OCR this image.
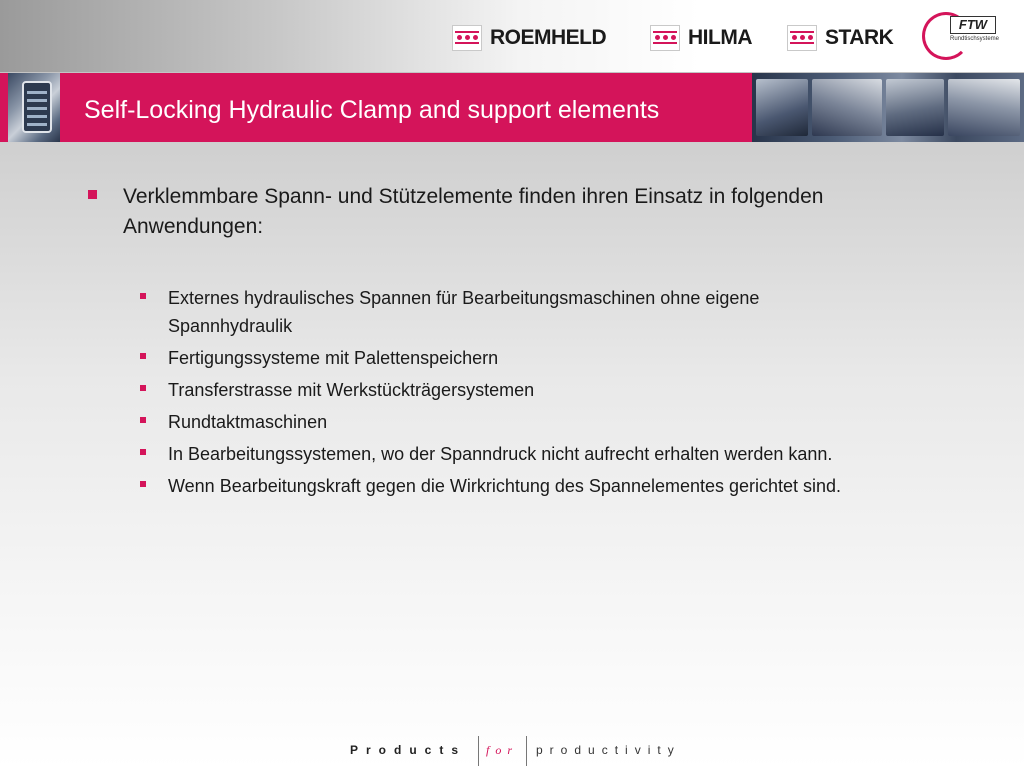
ROEMHELD	HILMA	STARK
FTW
Rundtischsysteme
Self-Locking Hydraulic Clamp and support elements
Verklemmbare Spann- und Stützelemente finden ihren Einsatz in folgenden Anwendungen:
Externes hydraulisches Spannen für Bearbeitungsmaschinen ohne eigene Spannhydraulik
Fertigungssysteme mit Palettenspeichern
Transferstrasse mit Werkstückträgersystemen
Rundtaktmaschinen
In Bearbeitungssystemen, wo der Spanndruck nicht aufrecht erhalten werden kann.
Wenn Bearbeitungskraft gegen die Wirkrichtung des Spannelementes gerichtet sind.
Products for productivity
